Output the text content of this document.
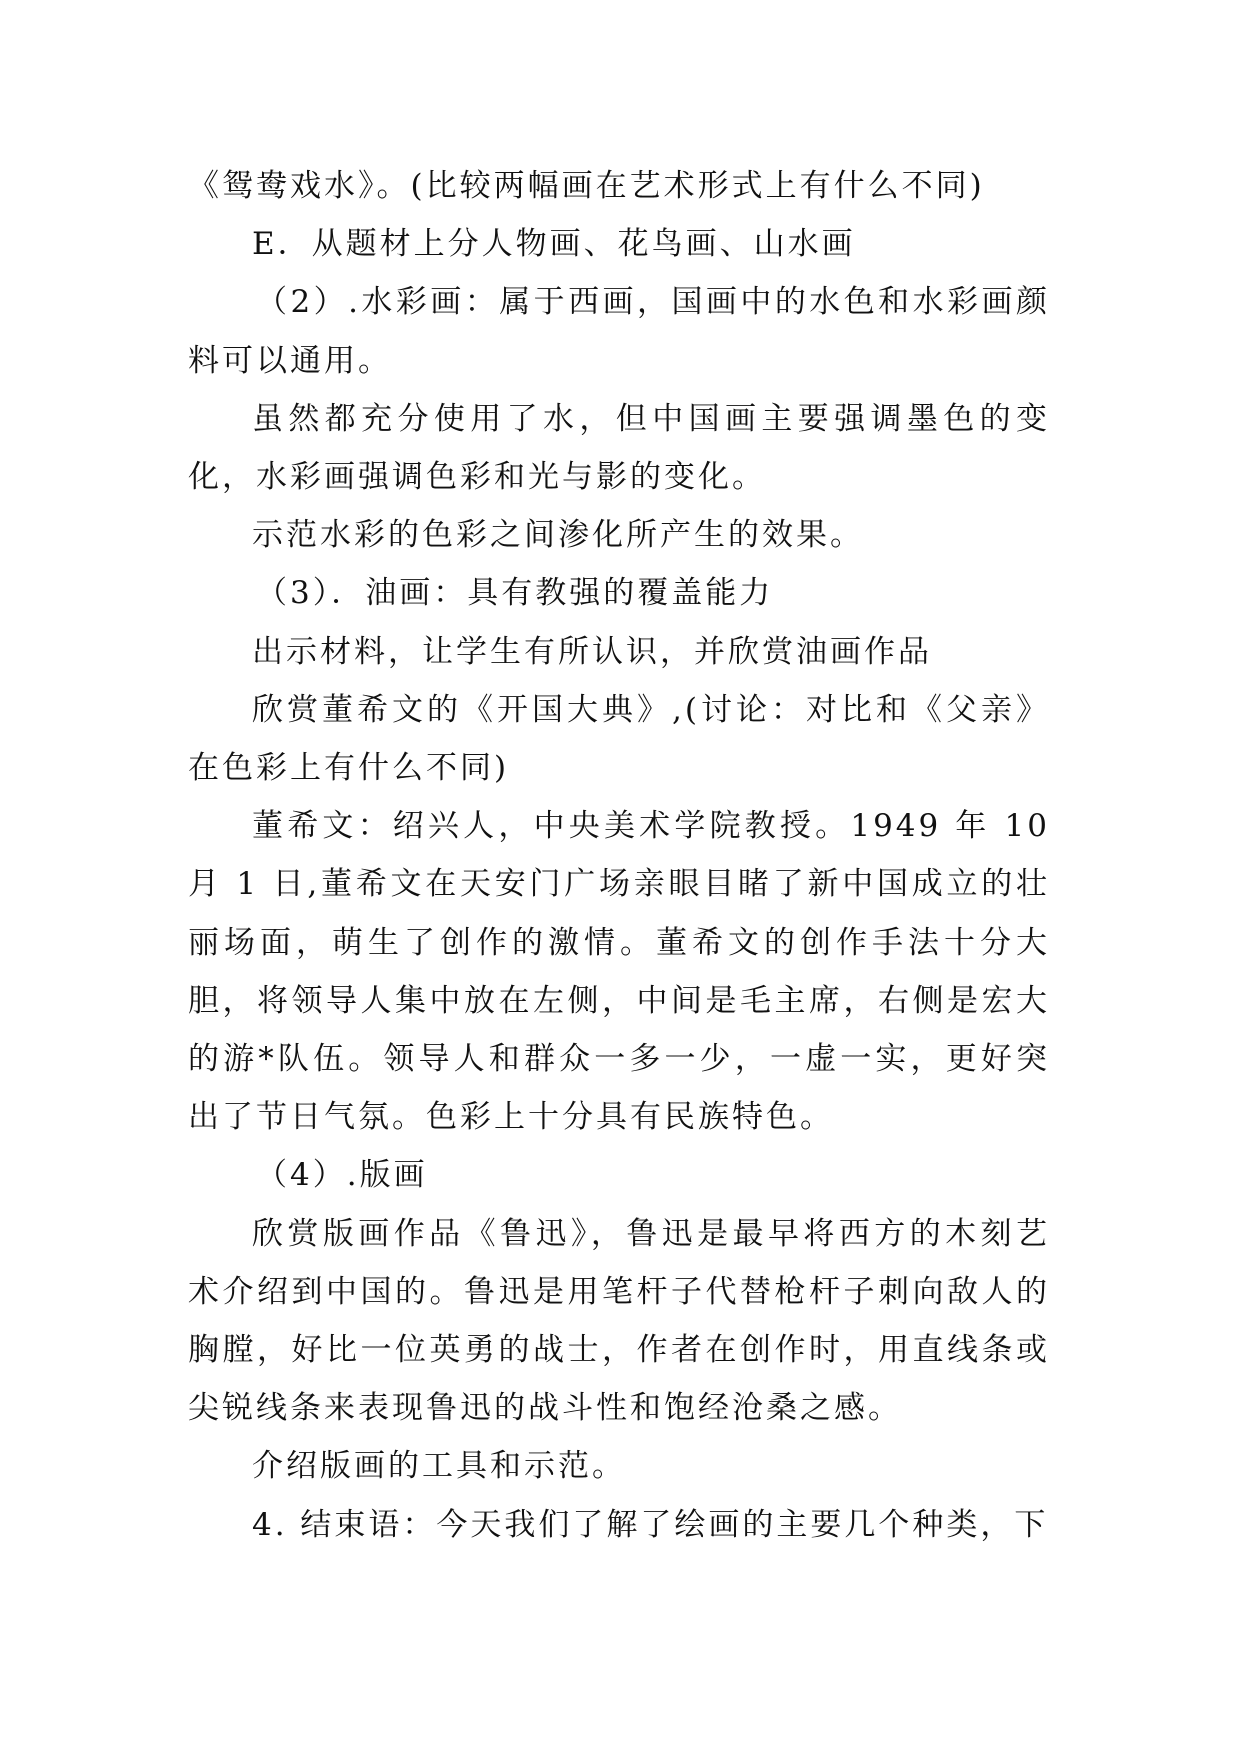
《鸳鸯戏水》。(比较两幅画在艺术形式上有什么不同)

E．从题材上分人物画、花鸟画、山水画

（2）.水彩画：属于西画，国画中的水色和水彩画颜料可以通用。

虽然都充分使用了水，但中国画主要强调墨色的变化，水彩画强调色彩和光与影的变化。

示范水彩的色彩之间渗化所产生的效果。

（3）．油画：具有教强的覆盖能力

出示材料，让学生有所认识，并欣赏油画作品

欣赏董希文的《开国大典》,(讨论：对比和《父亲》在色彩上有什么不同)

董希文：绍兴人，中央美术学院教授。1949 年 10 月 1 日,董希文在天安门广场亲眼目睹了新中国成立的壮丽场面，萌生了创作的激情。董希文的创作手法十分大胆，将领导人集中放在左侧，中间是毛主席，右侧是宏大的游*队伍。领导人和群众一多一少，一虚一实，更好突出了节日气氛。色彩上十分具有民族特色。

（4）.版画

欣赏版画作品《鲁迅》，鲁迅是最早将西方的木刻艺术介绍到中国的。鲁迅是用笔杆子代替枪杆子刺向敌人的胸膛，好比一位英勇的战士，作者在创作时，用直线条或尖锐线条来表现鲁迅的战斗性和饱经沧桑之感。

介绍版画的工具和示范。

4. 结束语：今天我们了解了绘画的主要几个种类，下
